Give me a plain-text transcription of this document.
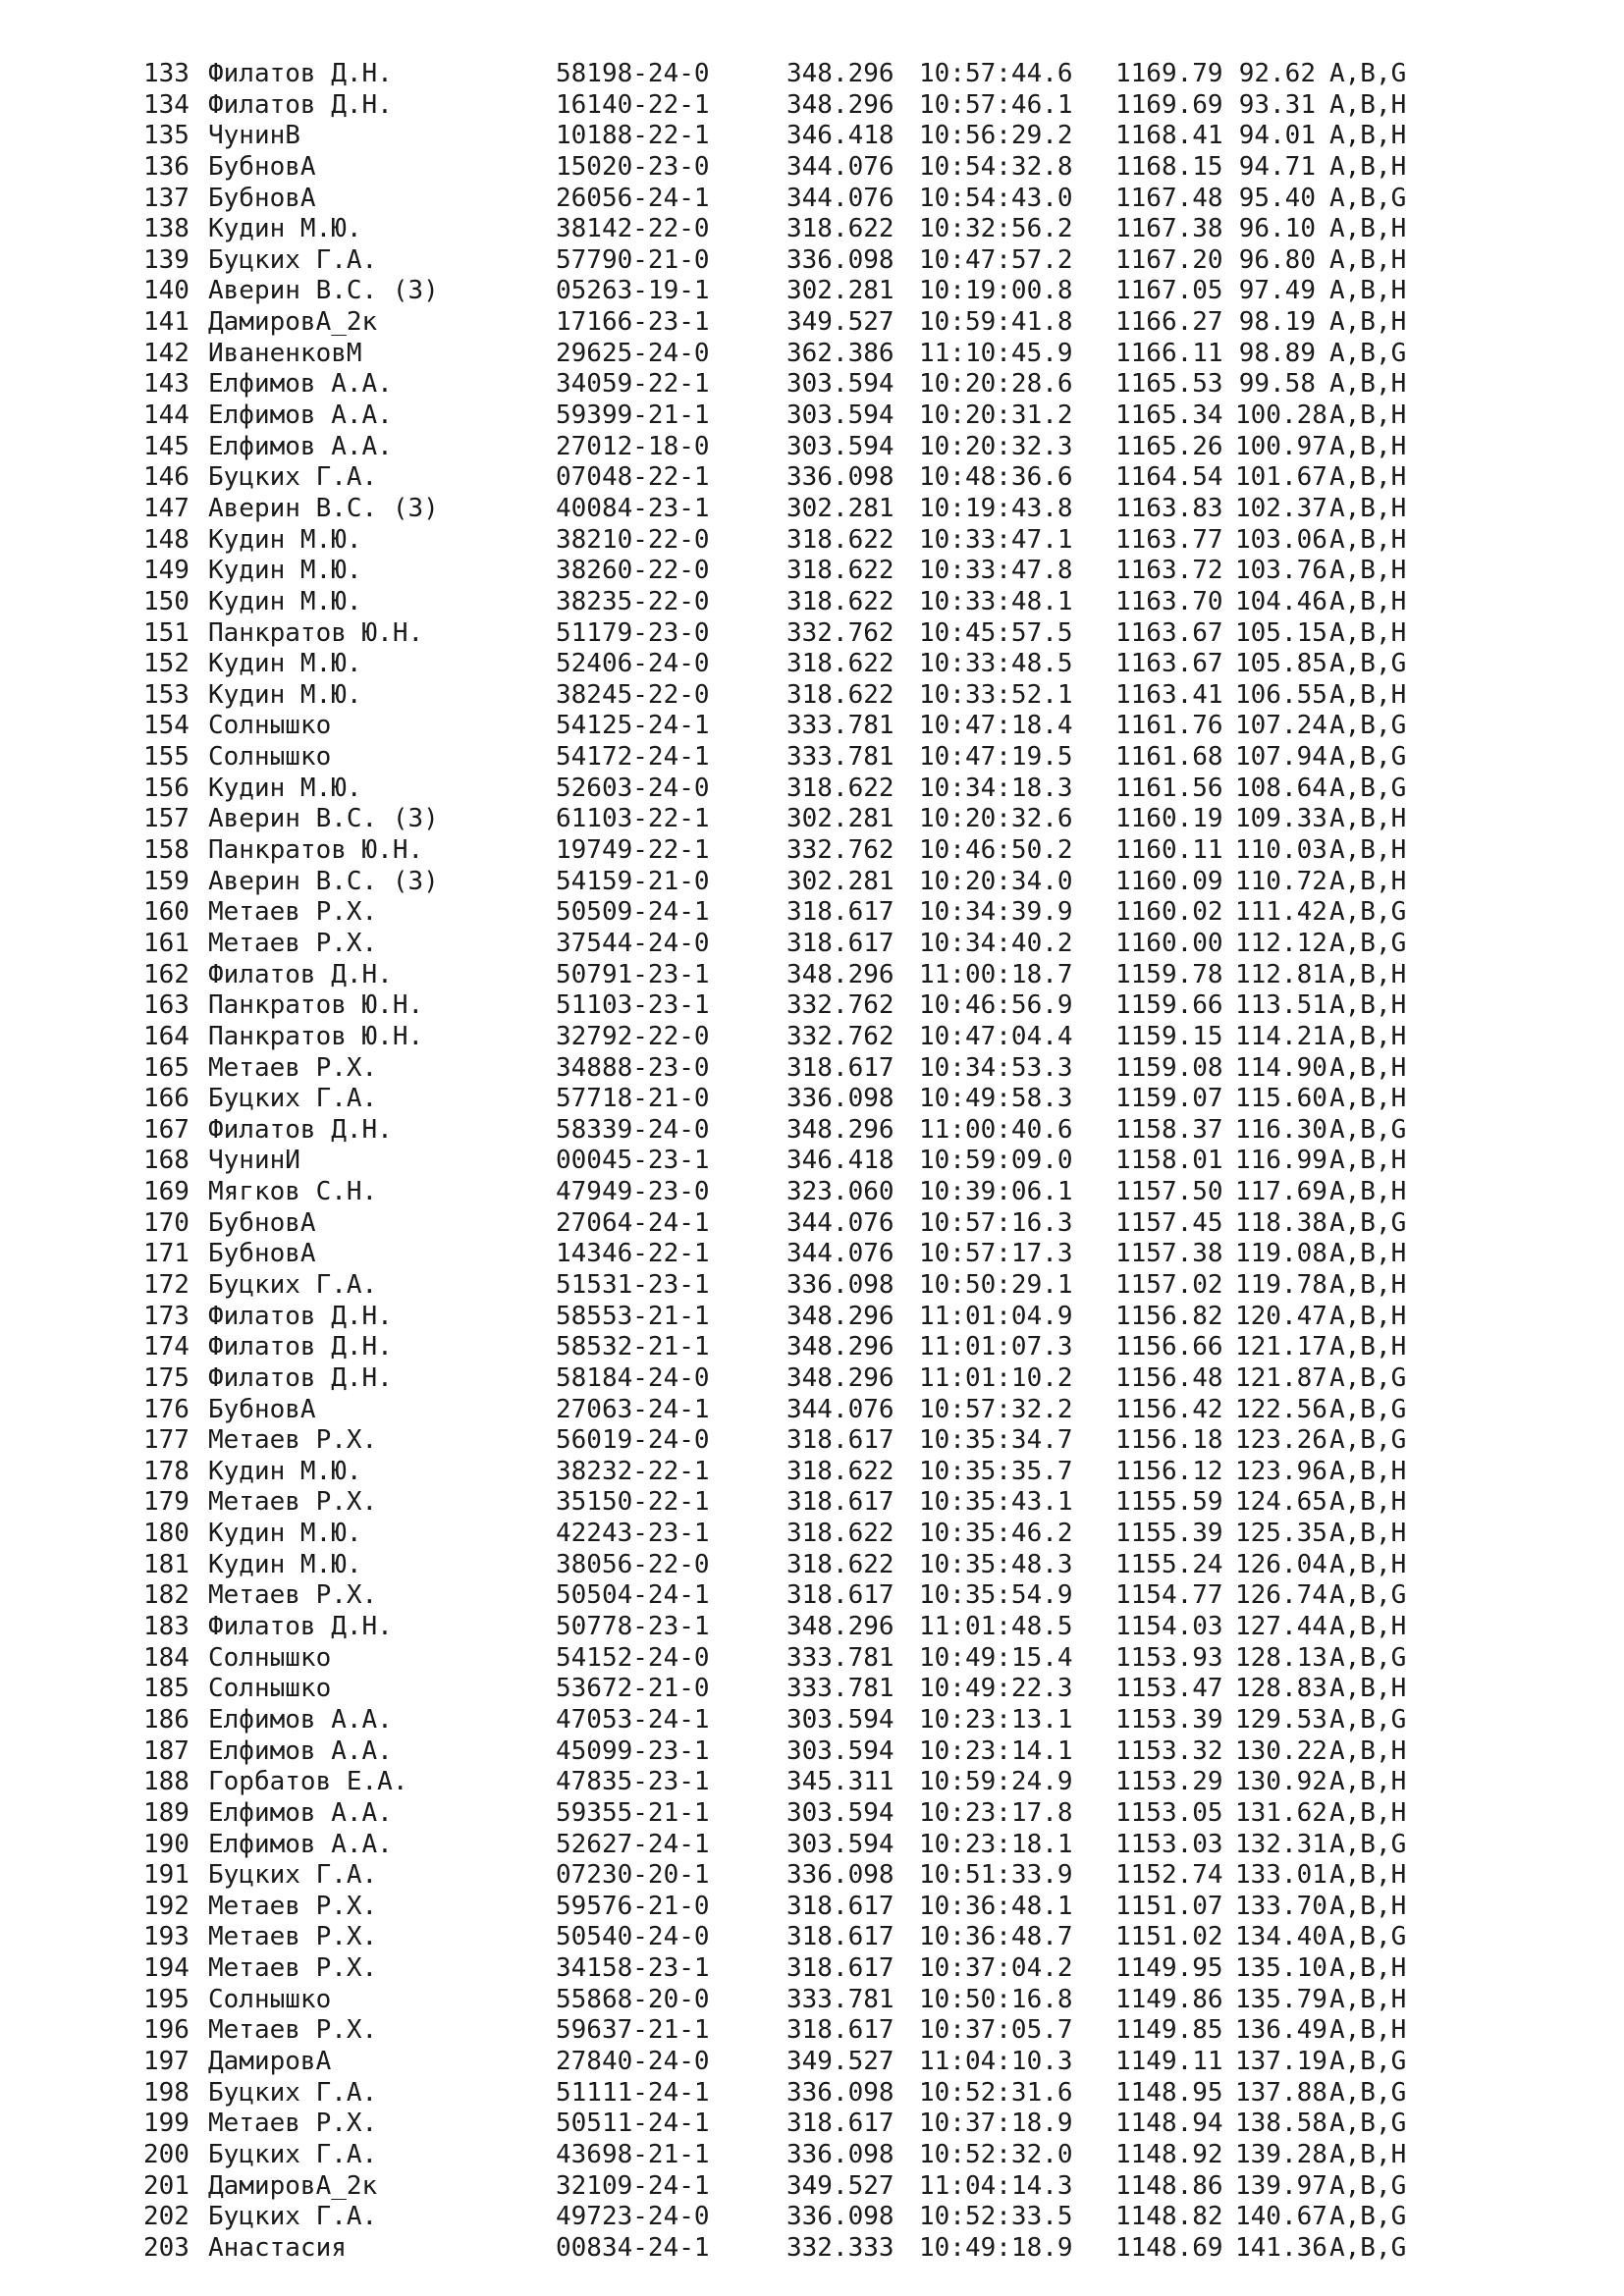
133 Филатов Д.Н.	58198-24-0	348.296 10:57:44.6 1169.79 92.62 A,B,G
134 Филатов Д.Н.	16140-22-1	348.296 10:57:46.1 1169.69 93.31 A,B,H
135 ЧунинВ	10188-22-1	346.418 10:56:29.2 1168.41 94.01 A,B,H
136 БубновА	15020-23-0	344.076 10:54:32.8 1168.15 94.71 A,B,H
137 БубновА	26056-24-1	344.076 10:54:43.0 1167.48 95.40 A,B,G
138 Кудин М.Ю.	38142-22-0	318.622 10:32:56.2 1167.38 96.10 A,B,H
139 Буцких Г.А.	57790-21-0	336.098 10:47:57.2 1167.20 96.80 A,B,H
140 Аверин В.С. (З)	05263-19-1	302.281 10:19:00.8 1167.05 97.49 A,B,H
141 ДамировА_2к	17166-23-1	349.527 10:59:41.8 1166.27 98.19 A,B,H
142 ИваненковМ	29625-24-0	362.386 11:10:45.9 1166.11 98.89 A,B,G
143 Елфимов А.А.	34059-22-1	303.594 10:20:28.6 1165.53 99.58 A,B,H
144 Елфимов А.А.	59399-21-1	303.594 10:20:31.2 1165.34 100.28 A,B,H
145 Елфимов А.А.	27012-18-0	303.594 10:20:32.3 1165.26 100.97 A,B,H
146 Буцких Г.А.	07048-22-1	336.098 10:48:36.6 1164.54 101.67 A,B,H
147 Аверин В.С. (З)	40084-23-1	302.281 10:19:43.8 1163.83 102.37 A,B,H
148 Кудин М.Ю.	38210-22-0	318.622 10:33:47.1 1163.77 103.06 A,B,H
149 Кудин М.Ю.	38260-22-0	318.622 10:33:47.8 1163.72 103.76 A,B,H
150 Кудин М.Ю.	38235-22-0	318.622 10:33:48.1 1163.70 104.46 A,B,H
151 Панкратов Ю.Н.	51179-23-0	332.762 10:45:57.5 1163.67 105.15 A,B,H
152 Кудин М.Ю.	52406-24-0	318.622 10:33:48.5 1163.67 105.85 A,B,G
153 Кудин М.Ю.	38245-22-0	318.622 10:33:52.1 1163.41 106.55 A,B,H
154 Солнышко	54125-24-1	333.781 10:47:18.4 1161.76 107.24 A,B,G
155 Солнышко	54172-24-1	333.781 10:47:19.5 1161.68 107.94 A,B,G
156 Кудин М.Ю.	52603-24-0	318.622 10:34:18.3 1161.56 108.64 A,B,G
157 Аверин В.С. (З)	61103-22-1	302.281 10:20:32.6 1160.19 109.33 A,B,H
158 Панкратов Ю.Н.	19749-22-1	332.762 10:46:50.2 1160.11 110.03 A,B,H
159 Аверин В.С. (З)	54159-21-0	302.281 10:20:34.0 1160.09 110.72 A,B,H
160 Метаев Р.Х.	50509-24-1	318.617 10:34:39.9 1160.02 111.42 A,B,G
161 Метаев Р.Х.	37544-24-0	318.617 10:34:40.2 1160.00 112.12 A,B,G
162 Филатов Д.Н.	50791-23-1	348.296 11:00:18.7 1159.78 112.81 A,B,H
163 Панкратов Ю.Н.	51103-23-1	332.762 10:46:56.9 1159.66 113.51 A,B,H
164 Панкратов Ю.Н.	32792-22-0	332.762 10:47:04.4 1159.15 114.21 A,B,H
165 Метаев Р.Х.	34888-23-0	318.617 10:34:53.3 1159.08 114.90 A,B,H
166 Буцких Г.А.	57718-21-0	336.098 10:49:58.3 1159.07 115.60 A,B,H
167 Филатов Д.Н.	58339-24-0	348.296 11:00:40.6 1158.37 116.30 A,B,G
168 ЧунинИ	00045-23-1	346.418 10:59:09.0 1158.01 116.99 A,B,H
169 Мягков С.Н.	47949-23-0	323.060 10:39:06.1 1157.50 117.69 A,B,H
170 БубновА	27064-24-1	344.076 10:57:16.3 1157.45 118.38 A,B,G
171 БубновА	14346-22-1	344.076 10:57:17.3 1157.38 119.08 A,B,H
172 Буцких Г.А.	51531-23-1	336.098 10:50:29.1 1157.02 119.78 A,B,H
173 Филатов Д.Н.	58553-21-1	348.296 11:01:04.9 1156.82 120.47 A,B,H
174 Филатов Д.Н.	58532-21-1	348.296 11:01:07.3 1156.66 121.17 A,B,H
175 Филатов Д.Н.	58184-24-0	348.296 11:01:10.2 1156.48 121.87 A,B,G
176 БубновА	27063-24-1	344.076 10:57:32.2 1156.42 122.56 A,B,G
177 Метаев Р.Х.	56019-24-0	318.617 10:35:34.7 1156.18 123.26 A,B,G
178 Кудин М.Ю.	38232-22-1	318.622 10:35:35.7 1156.12 123.96 A,B,H
179 Метаев Р.Х.	35150-22-1	318.617 10:35:43.1 1155.59 124.65 A,B,H
180 Кудин М.Ю.	42243-23-1	318.622 10:35:46.2 1155.39 125.35 A,B,H
181 Кудин М.Ю.	38056-22-0	318.622 10:35:48.3 1155.24 126.04 A,B,H
182 Метаев Р.Х.	50504-24-1	318.617 10:35:54.9 1154.77 126.74 A,B,G
183 Филатов Д.Н.	50778-23-1	348.296 11:01:48.5 1154.03 127.44 A,B,H
184 Солнышко	54152-24-0	333.781 10:49:15.4 1153.93 128.13 A,B,G
185 Солнышко	53672-21-0	333.781 10:49:22.3 1153.47 128.83 A,B,H
186 Елфимов А.А.	47053-24-1	303.594 10:23:13.1 1153.39 129.53 A,B,G
187 Елфимов А.А.	45099-23-1	303.594 10:23:14.1 1153.32 130.22 A,B,H
188 Горбатов Е.А.	47835-23-1	345.311 10:59:24.9 1153.29 130.92 A,B,H
189 Елфимов А.А.	59355-21-1	303.594 10:23:17.8 1153.05 131.62 A,B,H
190 Елфимов А.А.	52627-24-1	303.594 10:23:18.1 1153.03 132.31 A,B,G
191 Буцких Г.А.	07230-20-1	336.098 10:51:33.9 1152.74 133.01 A,B,H
192 Метаев Р.Х.	59576-21-0	318.617 10:36:48.1 1151.07 133.70 A,B,H
193 Метаев Р.Х.	50540-24-0	318.617 10:36:48.7 1151.02 134.40 A,B,G
194 Метаев Р.Х.	34158-23-1	318.617 10:37:04.2 1149.95 135.10 A,B,H
195 Солнышко	55868-20-0	333.781 10:50:16.8 1149.86 135.79 A,B,H
196 Метаев Р.Х.	59637-21-1	318.617 10:37:05.7 1149.85 136.49 A,B,H
197 ДамировА	27840-24-0	349.527 11:04:10.3 1149.11 137.19 A,B,G
198 Буцких Г.А.	51111-24-1	336.098 10:52:31.6 1148.95 137.88 A,B,G
199 Метаев Р.Х.	50511-24-1	318.617 10:37:18.9 1148.94 138.58 A,B,G
200 Буцких Г.А.	43698-21-1	336.098 10:52:32.0 1148.92 139.28 A,B,H
201 ДамировА_2к	32109-24-1	349.527 11:04:14.3 1148.86 139.97 A,B,G
202 Буцких Г.А.	49723-24-0	336.098 10:52:33.5 1148.82 140.67 A,B,G
203 Анастасия	00834-24-1	332.333 10:49:18.9 1148.69 141.36 A,B,G
